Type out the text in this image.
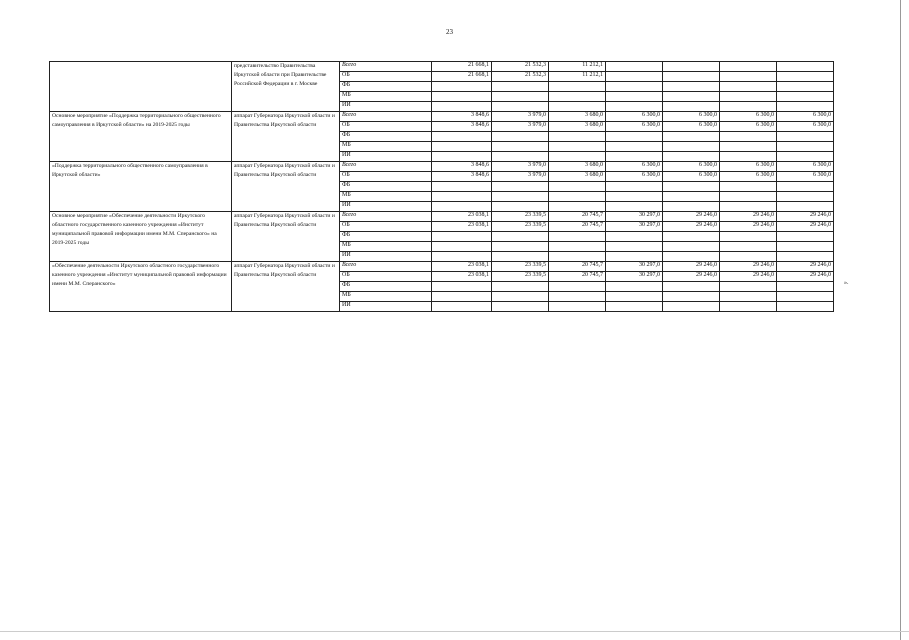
23
	представительство Правительства Иркутской области при Правительстве Российской Федерации в г. Москве	Всего	21 668,1	21 532,3	11 212,1				
		ОБ	21 668,1	21 532,3	11 212,1				
		ФБ							
		МБ							
		ИИ							
Основное мероприятие «Поддержка территориального общественного самоуправления в Иркутской области» на 2019-2025 годы	аппарат Губернатора Иркутской области и Правительства Иркутской области	Всего	3 848,6	3 979,0	3 680,0	6 300,0	6 300,0	6 300,0	6 300,0
		ОБ	3 848,6	3 979,0	3 680,0	6 300,0	6 300,0	6 300,0	6 300,0
		ФБ							
		МБ							
		ИИ							
«Поддержка территориального общественного самоуправления в Иркутской области»	аппарат Губернатора Иркутской области и Правительства Иркутской области	Всего	3 848,6	3 979,0	3 680,0	6 300,0	6 300,0	6 300,0	6 300,0
		ОБ	3 848,6	3 979,0	3 680,0	6 300,0	6 300,0	6 300,0	6 300,0
		ФБ							
		МБ							
		ИИ							
Основное мероприятие «Обеспечение деятельности Иркутского областного государственного казенного учреждения «Институт муниципальной правовой информации имени М.М. Сперанского» на 2019-2025 годы	аппарат Губернатора Иркутской области и Правительства Иркутской области	Всего	23 038,1	23 339,5	20 745,7	30 297,0	29 246,0	29 246,0	29 246,0
		ОБ	23 038,1	23 339,5	20 745,7	30 297,0	29 246,0	29 246,0	29 246,0
		ФБ							
		МБ							
		ИИ							
«Обеспечение деятельности Иркутского областного государственного казенного учреждения «Институт муниципальной правовой информации имени М.М. Сперанского»	аппарат Губернатора Иркутской области и Правительства Иркутской области	Всего	23 038,1	23 339,5	20 745,7	30 297,0	29 246,0	29 246,0	29 246,0
		ОБ	23 038,1	23 339,5	20 745,7	30 297,0	29 246,0	29 246,0	29 246,0
		ФБ							
		МБ							
		ИИ							
».
